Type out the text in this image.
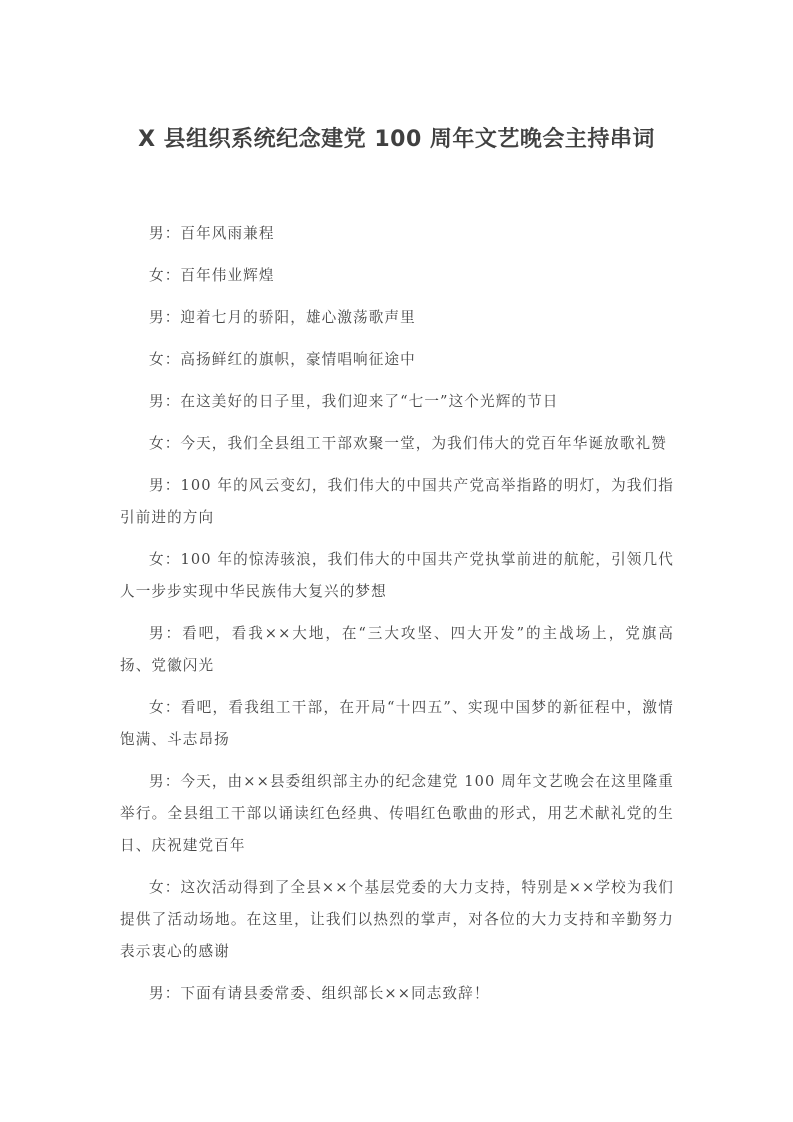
X 县组织系统纪念建党 100 周年文艺晚会主持串词

男：百年风雨兼程

女：百年伟业辉煌

男：迎着七月的骄阳，雄心激荡歌声里

女：高扬鲜红的旗帜，豪情唱响征途中

男：在这美好的日子里，我们迎来了“七一”这个光辉的节日

女：今天，我们全县组工干部欢聚一堂，为我们伟大的党百年华诞放歌礼赞

男：100 年的风云变幻，我们伟大的中国共产党高举指路的明灯，为我们指引前进的方向

女：100 年的惊涛骇浪，我们伟大的中国共产党执掌前进的航舵，引领几代人一步步实现中华民族伟大复兴的梦想

男：看吧，看我××大地，在“三大攻坚、四大开发”的主战场上，党旗高扬、党徽闪光

女：看吧，看我组工干部，在开局“十四五”、实现中国梦的新征程中，激情饱满、斗志昂扬

男：今天，由××县委组织部主办的纪念建党 100 周年文艺晚会在这里隆重举行。全县组工干部以诵读红色经典、传唱红色歌曲的形式，用艺术献礼党的生日、庆祝建党百年

女：这次活动得到了全县××个基层党委的大力支持，特别是××学校为我们提供了活动场地。在这里，让我们以热烈的掌声，对各位的大力支持和辛勤努力表示衷心的感谢

男：下面有请县委常委、组织部长××同志致辞！
